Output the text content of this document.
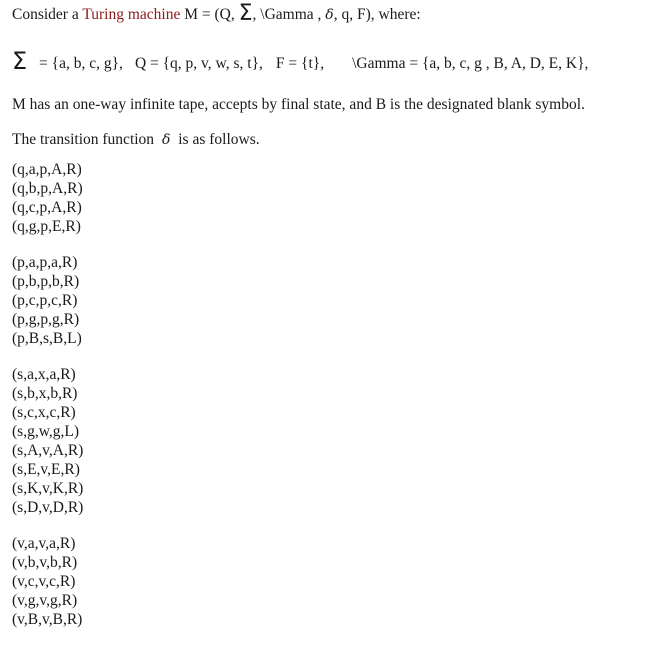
Consider a Turing machine M = (Q, Σ, \Gamma , δ, q, F), where:
Σ = {a, b, c, g}, Q = {q, p, v, w, s, t}, F = {t}, \Gamma = {a, b, c, g , B, A, D, E, K},
M has an one-way infinite tape, accepts by final state, and B is the designated blank symbol.
The transition function δ is as follows.
(q,a,p,A,R)
(q,b,p,A,R)
(q,c,p,A,R)
(q,g,p,E,R)
(p,a,p,a,R)
(p,b,p,b,R)
(p,c,p,c,R)
(p,g,p,g,R)
(p,B,s,B,L)
(s,a,x,a,R)
(s,b,x,b,R)
(s,c,x,c,R)
(s,g,w,g,L)
(s,A,v,A,R)
(s,E,v,E,R)
(s,K,v,K,R)
(s,D,v,D,R)
(v,a,v,a,R)
(v,b,v,b,R)
(v,c,v,c,R)
(v,g,v,g,R)
(v,B,v,B,R)
